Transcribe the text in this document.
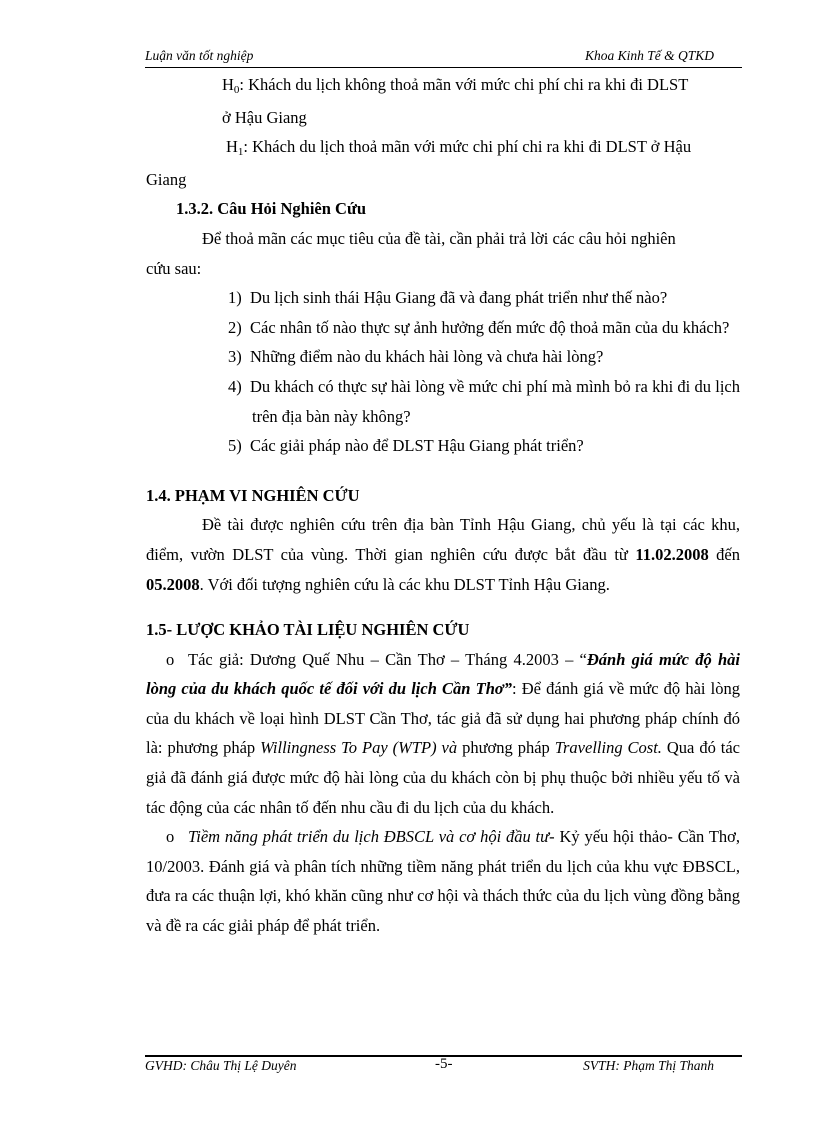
Luận văn tốt nghiệp	Khoa Kinh Tế & QTKD

$H_0$: Khách du lịch không thoả mãn với mức chi phí chi ra khi đi DLST

ở Hậu Giang

$H_1$: Khách du lịch thoả mãn với mức chi phí chi ra khi đi DLST ở Hậu

Giang

1.3.2. Câu Hỏi Nghiên Cứu

Để thoả mãn các mục tiêu của đề tài, cần phải trả lời các câu hỏi nghiên

cứu sau:

1) Du lịch sinh thái Hậu Giang đã và đang phát triển như thế nào?

2) Các nhân tố nào thực sự ảnh hưởng đến mức độ thoả mãn của du khách?

3) Những điểm nào du khách hài lòng và chưa hài lòng?

4) Du khách có thực sự hài lòng về mức chi phí mà mình bỏ ra khi đi du lịch trên địa bàn này không?

5) Các giải pháp nào để DLST Hậu Giang phát triển?

1.4. PHẠM VI NGHIÊN CỨU

Đề tài được nghiên cứu trên địa bàn Tỉnh Hậu Giang, chủ yếu là tại các khu, điểm, vườn DLST của vùng. Thời gian nghiên cứu được bắt đầu từ 11.02.2008 đến 05.2008. Với đối tượng nghiên cứu là các khu DLST Tỉnh Hậu Giang.

1.5- LƯỢC KHẢO TÀI LIỆU NGHIÊN CỨU

o Tác giả: Dương Quế Nhu – Cần Thơ – Tháng 4.2003 – “Đánh giá mức độ hài lòng của du khách quốc tế đối với du lịch Cần Thơ”: Để đánh giá về mức độ hài lòng của du khách về loại hình DLST Cần Thơ, tác giả đã sử dụng hai phương pháp chính đó là: phương pháp Willingness To Pay (WTP) và phương pháp Travelling Cost. Qua đó tác giả đã đánh giá được mức độ hài lòng của du khách còn bị phụ thuộc bởi nhiều yếu tố và tác động của các nhân tố đến nhu cầu đi du lịch của du khách.

o Tiềm năng phát triển du lịch ĐBSCL và cơ hội đầu tư- Kỷ yếu hội thảo- Cần Thơ, 10/2003. Đánh giá và phân tích những tiềm năng phát triển du lịch của khu vực ĐBSCL, đưa ra các thuận lợi, khó khăn cũng như cơ hội và thách thức của du lịch vùng đồng bằng và đề ra các giải pháp để phát triển.

GVHD: Châu Thị Lệ Duyên	-5-	SVTH: Phạm Thị Thanh
